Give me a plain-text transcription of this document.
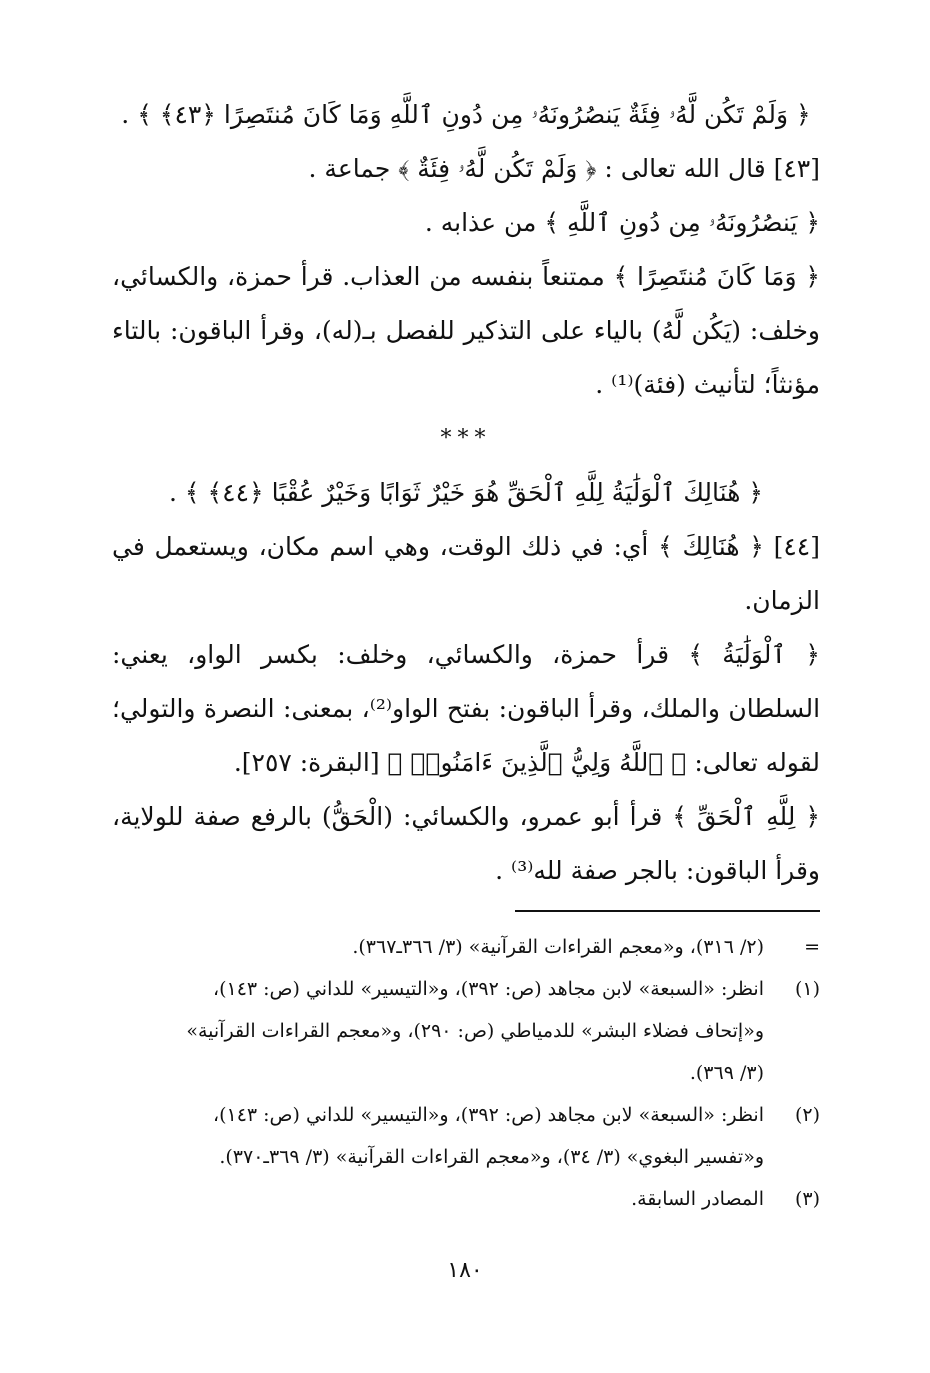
﴿ وَلَمْ تَكُن لَّهُۥ فِئَةٌ يَنصُرُونَهُۥ مِن دُونِ ٱللَّهِ وَمَا كَانَ مُنتَصِرًا ﴿٤٣﴾ ﴾ .
[٤٣] قال الله تعالى : ﴿ وَلَمْ تَكُن لَّهُۥ فِئَةٌ ﴾ جماعة .
﴿ يَنصُرُونَهُۥ مِن دُونِ ٱللَّهِ ﴾ من عذابه .
﴿ وَمَا كَانَ مُنتَصِرًا ﴾ ممتنعاً بنفسه من العذاب. قرأ حمزة، والكسائي،
وخلف: (يَكُن لَّهُ) بالياء على التذكير للفصل بـ(له)، وقرأ الباقون: بالتاء
مؤنثاً؛ لتأنيث (فئة)⁽¹⁾ .
***
﴿ هُنَالِكَ ٱلْوَلَٰيَةُ لِلَّهِ ٱلْحَقِّ هُوَ خَيْرٌ ثَوَابًا وَخَيْرٌ عُقْبًا ﴿٤٤﴾ ﴾ .
[٤٤] ﴿ هُنَالِكَ ﴾ أي: في ذلك الوقت، وهي اسم مكان، ويستعمل في
الزمان.
﴿ ٱلْوَلَٰيَةُ ﴾ قرأ حمزة، والكسائي، وخلف: بكسر الواو، يعني:
السلطان والملك، وقرأ الباقون: بفتح الواو⁽²⁾، بمعنى: النصرة والتولي؛
لقوله تعالى: ﴿ ٱللَّهُ وَلِيُّ ٱلَّذِينَ ءَامَنُوا۟ ﴾ [البقرة: ٢٥٧].
﴿ لِلَّهِ ٱلْحَقِّ ﴾ قرأ أبو عمرو، والكسائي: (الْحَقُّ) بالرفع صفة للولاية،
وقرأ الباقون: بالجر صفة لله⁽³⁾ .
=
(٢/ ٣١٦)، و«معجم القراءات القرآنية» (٣/ ٣٦٦ـ٣٦٧).
(١)
انظر: «السبعة» لابن مجاهد (ص: ٣٩٢)، و«التيسير» للداني (ص: ١٤٣)،
و«إتحاف فضلاء البشر» للدمياطي (ص: ٢٩٠)، و«معجم القراءات القرآنية»
(٣/ ٣٦٩).
(٢)
انظر: «السبعة» لابن مجاهد (ص: ٣٩٢)، و«التيسير» للداني (ص: ١٤٣)،
و«تفسير البغوي» (٣/ ٣٤)، و«معجم القراءات القرآنية» (٣/ ٣٦٩ـ٣٧٠).
(٣)
المصادر السابقة.
١٨٠
